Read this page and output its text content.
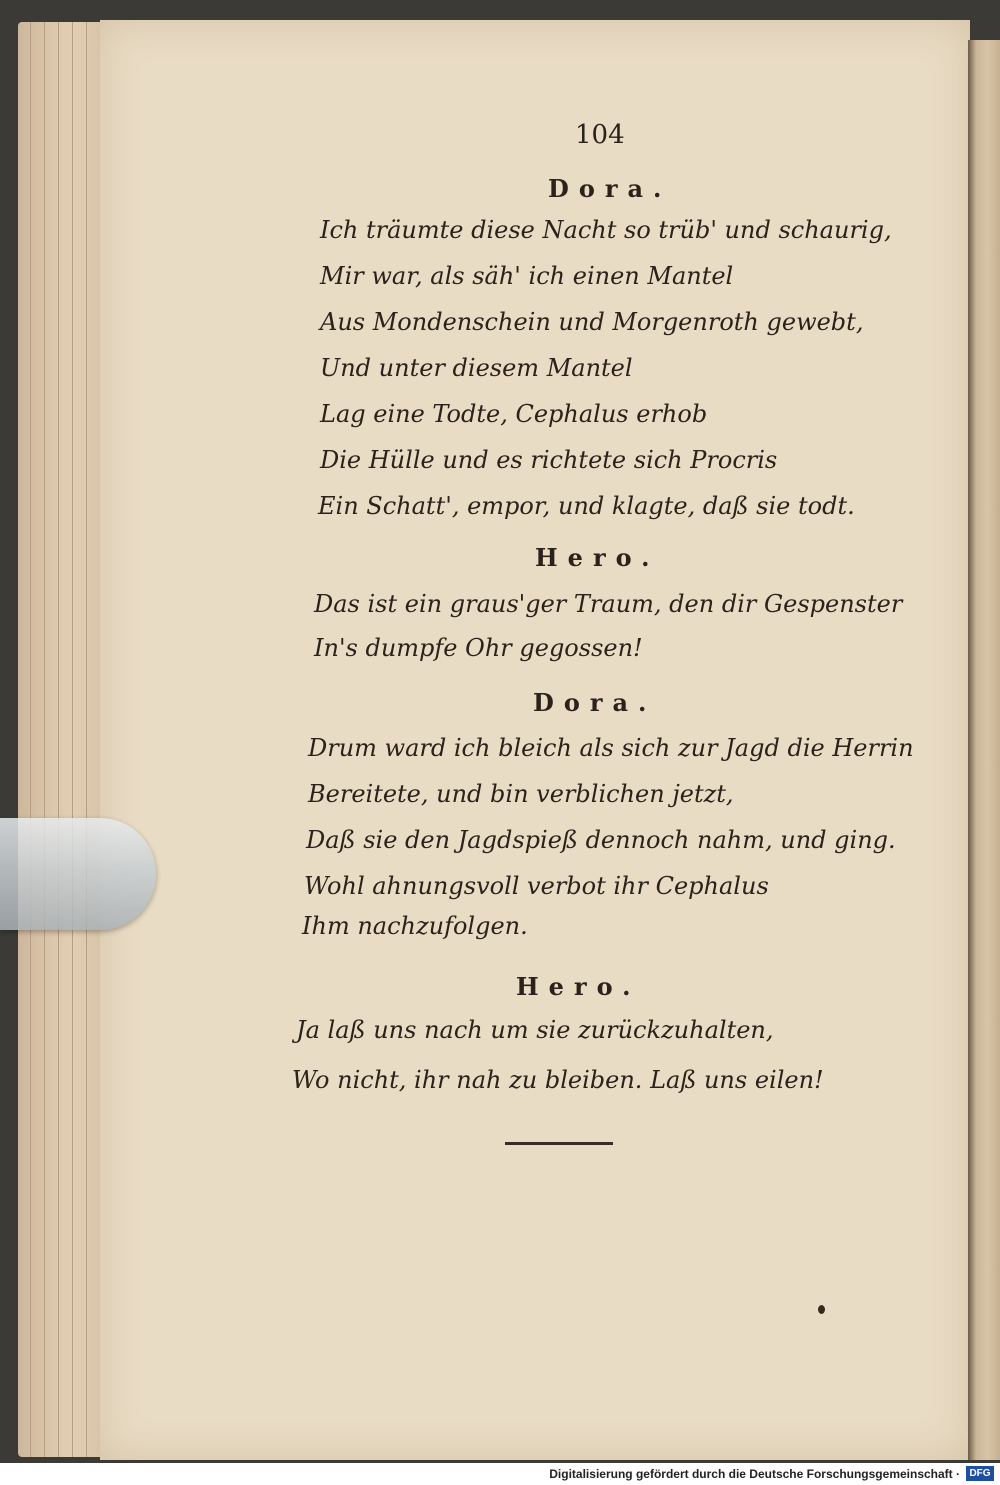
104
Dora.
Ich träumte diese Nacht so trüb' und schaurig,
Mir war, als säh' ich einen Mantel
Aus Mondenschein und Morgenroth gewebt,
Und unter diesem Mantel
Lag eine Todte, Cephalus erhob
Die Hülle und es richtete sich Procris
Ein Schatt', empor, und klagte, daß sie todt.
Hero.
Das ist ein graus'ger Traum, den dir Gespenster
In's dumpfe Ohr gegossen!
Dora.
Drum ward ich bleich als sich zur Jagd die Herrin
Bereitete, und bin verblichen jetzt,
Daß sie den Jagdspieß dennoch nahm, und ging.
Wohl ahnungsvoll verbot ihr Cephalus
Ihm nachzufolgen.
Hero.
Ja laß uns nach um sie zurückzuhalten,
Wo nicht, ihr nah zu bleiben. Laß uns eilen!
Digitalisierung gefördert durch die Deutsche Forschungsgemeinschaft · DFG
